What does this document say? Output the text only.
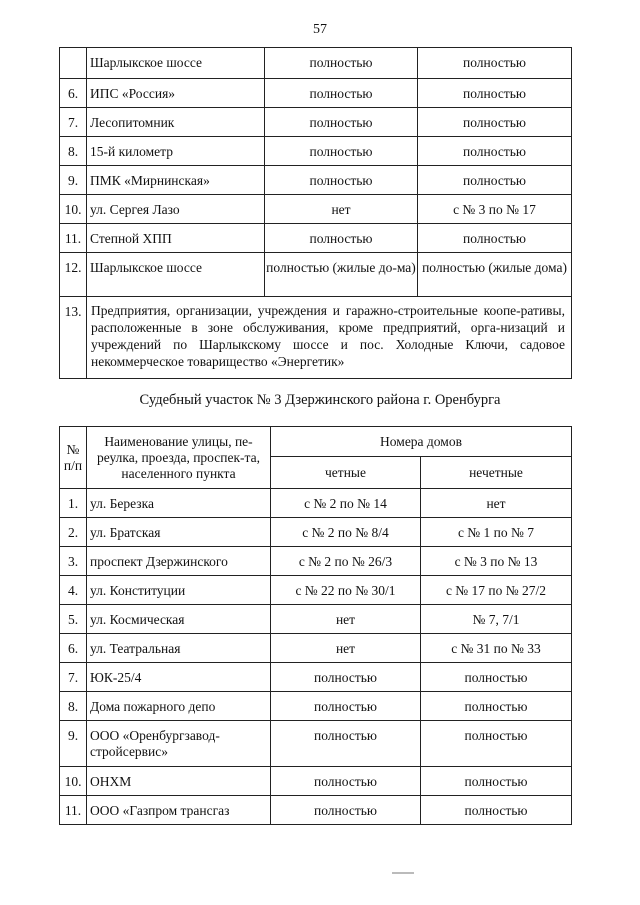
57
	Шарлыкское шоссе	полностью	полностью
6.	ИПС «Россия»	полностью	полностью
7.	Лесопитомник	полностью	полностью
8.	15-й километр	полностью	полностью
9.	ПМК «Мирнинская»	полностью	полностью
10.	ул. Сергея Лазо	нет	с № 3 по № 17
11.	Степной ХПП	полностью	полностью
12.	Шарлыкское шоссе	полностью (жилые до-ма)	полностью (жилые дома)
13.	Предприятия, организации, учреждения и гаражно-строительные коопе-ративы, расположенные в зоне обслуживания, кроме предприятий, орга-низаций и учреждений по Шарлыкскому шоссе и пос. Холодные Ключи, садовое некоммерческое товарищество «Энергетик»		
Судебный участок № 3 Дзержинского района г. Оренбурга
№ п/п	Наименование улицы, пе-реулка, проезда, проспек-та, населенного пункта	Номера домов	
		четные	нечетные
1.	ул. Березка	с № 2 по № 14	нет
2.	ул. Братская	с № 2 по № 8/4	с № 1 по № 7
3.	проспект Дзержинского	с № 2 по № 26/3	с № 3 по № 13
4.	ул. Конституции	с № 22 по № 30/1	с № 17 по № 27/2
5.	ул. Космическая	нет	№ 7, 7/1
6.	ул. Театральная	нет	с № 31 по № 33
7.	ЮК-25/4	полностью	полностью
8.	Дома пожарного депо	полностью	полностью
9.	ООО «Оренбургзавод-стройсервис»	полностью	полностью
10.	ОНХМ	полностью	полностью
11.	ООО «Газпром трансгаз	полностью	полностью
